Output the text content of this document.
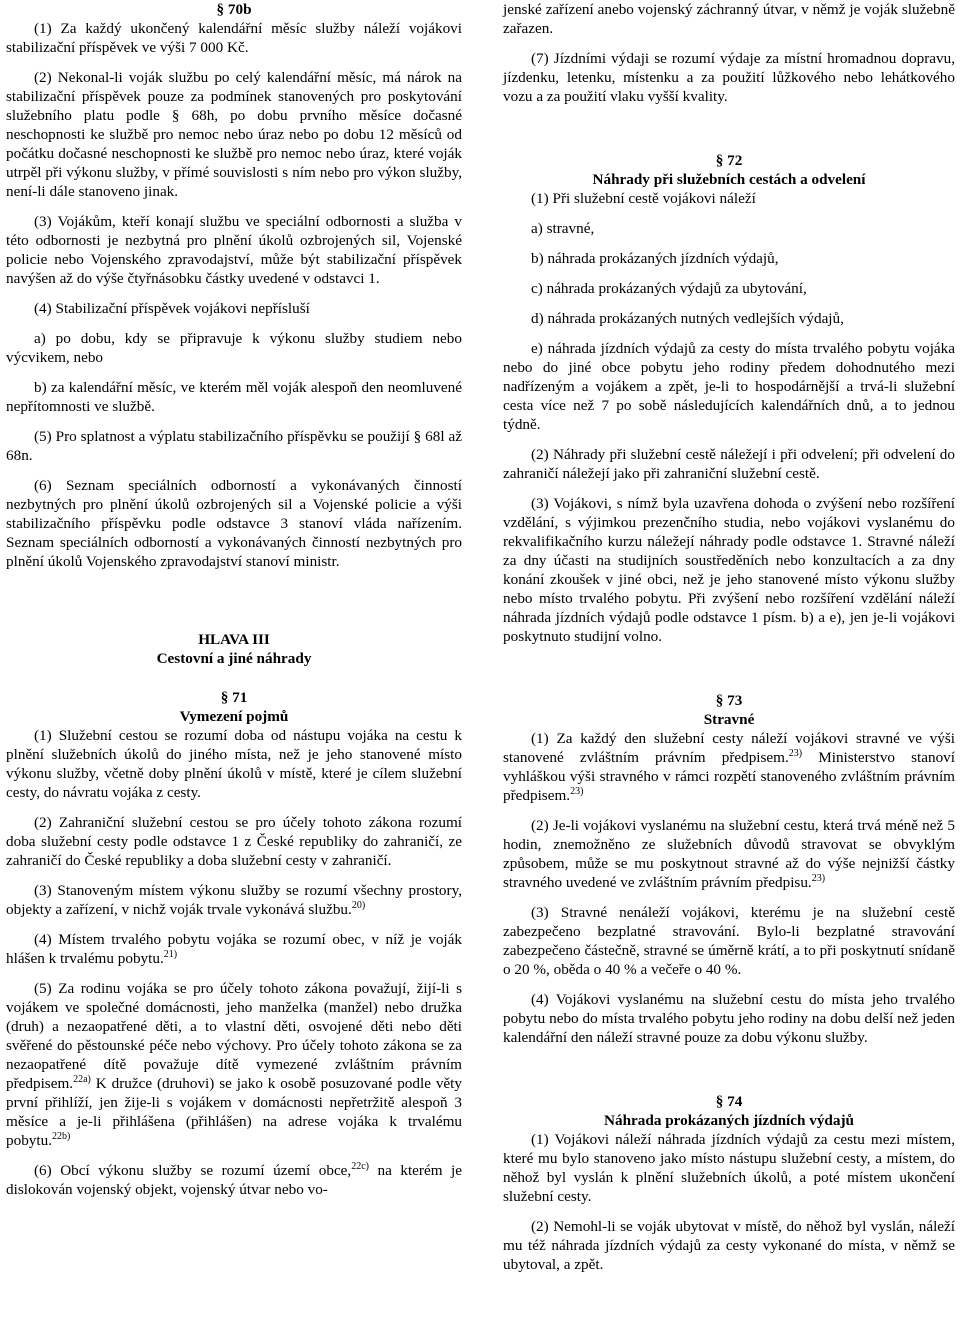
§ 70b

(1) Za každý ukončený kalendářní měsíc služby náleží vojákovi stabilizační příspěvek ve výši 7 000 Kč.

(2) Nekonal-li voják službu po celý kalendářní měsíc, má nárok na stabilizační příspěvek pouze za podmínek stanovených pro poskytování služebního platu podle § 68h, po dobu prvního měsíce dočasné neschopnosti ke službě pro nemoc nebo úraz nebo po dobu 12 měsíců od počátku dočasné neschopnosti ke službě pro nemoc nebo úraz, které voják utrpěl při výkonu služby, v přímé souvislosti s ním nebo pro výkon služby, není-li dále stanoveno jinak.

(3) Vojákům, kteří konají službu ve speciální odbornosti a služba v této odbornosti je nezbytná pro plnění úkolů ozbrojených sil, Vojenské policie nebo Vojenského zpravodajství, může být stabilizační příspěvek navýšen až do výše čtyřnásobku částky uvedené v odstavci 1.

(4) Stabilizační příspěvek vojákovi nepřísluší

a) po dobu, kdy se připravuje k výkonu služby studiem nebo výcvikem, nebo

b) za kalendářní měsíc, ve kterém měl voják alespoň den neomluvené nepřítomnosti ve službě.

(5) Pro splatnost a výplatu stabilizačního příspěvku se použijí § 68l až 68n.

(6) Seznam speciálních odborností a vykonávaných činností nezbytných pro plnění úkolů ozbrojených sil a Vojenské policie a výši stabilizačního příspěvku podle odstavce 3 stanoví vláda nařízením. Seznam speciálních odborností a vykonávaných činností nezbytných pro plnění úkolů Vojenského zpravodajství stanoví ministr.

HLAVA III

Cestovní a jiné náhrady

§ 71

Vymezení pojmů

(1) Služební cestou se rozumí doba od nástupu vojáka na cestu k plnění služebních úkolů do jiného místa, než je jeho stanovené místo výkonu služby, včetně doby plnění úkolů v místě, které je cílem služební cesty, do návratu vojáka z cesty.

(2) Zahraniční služební cestou se pro účely tohoto zákona rozumí doba služební cesty podle odstavce 1 z České republiky do zahraničí, ze zahraničí do České republiky a doba služební cesty v zahraničí.

(3) Stanoveným místem výkonu služby se rozumí všechny prostory, objekty a zařízení, v nichž voják trvale vykonává službu.$^{20)}$

(4) Místem trvalého pobytu vojáka se rozumí obec, v níž je voják hlášen k trvalému pobytu.$^{21)}$

(5) Za rodinu vojáka se pro účely tohoto zákona považují, žijí-li s vojákem ve společné domácnosti, jeho manželka (manžel) nebo družka (druh) a nezaopatřené děti, a to vlastní děti, osvojené děti nebo děti svěřené do pěstounské péče nebo výchovy. Pro účely tohoto zákona se za nezaopatřené dítě považuje dítě vymezené zvláštním právním předpisem.$^{22a)}$ K družce (druhovi) se jako k osobě posuzované podle věty první přihlíží, jen žije-li s vojákem v domácnosti nepřetržitě alespoň 3 měsíce a je-li přihlášena (přihlášen) na adrese vojáka k trvalému pobytu.$^{22b)}$

(6) Obcí výkonu služby se rozumí území obce,$^{22c)}$ na kterém je dislokován vojenský objekt, vojenský útvar nebo vo-

jenské zařízení anebo vojenský záchranný útvar, v němž je voják služebně zařazen.

(7) Jízdními výdaji se rozumí výdaje za místní hromadnou dopravu, jízdenku, letenku, místenku a za použití lůžkového nebo lehátkového vozu a za použití vlaku vyšší kvality.

§ 72

Náhrady při služebních cestách a odvelení

(1) Při služební cestě vojákovi náleží

a) stravné,

b) náhrada prokázaných jízdních výdajů,

c) náhrada prokázaných výdajů za ubytování,

d) náhrada prokázaných nutných vedlejších výdajů,

e) náhrada jízdních výdajů za cesty do místa trvalého pobytu vojáka nebo do jiné obce pobytu jeho rodiny předem dohodnutého mezi nadřízeným a vojákem a zpět, je-li to hospodárnější a trvá-li služební cesta více než 7 po sobě následujících kalendářních dnů, a to jednou týdně.

(2) Náhrady při služební cestě náležejí i při odvelení; při odvelení do zahraničí náležejí jako při zahraniční služební cestě.

(3) Vojákovi, s nímž byla uzavřena dohoda o zvýšení nebo rozšíření vzdělání, s výjimkou prezenčního studia, nebo vojákovi vyslanému do rekvalifikačního kurzu náležejí náhrady podle odstavce 1. Stravné náleží za dny účasti na studijních soustředěních nebo konzultacích a za dny konání zkoušek v jiné obci, než je jeho stanovené místo výkonu služby nebo místo trvalého pobytu. Při zvýšení nebo rozšíření vzdělání náleží náhrada jízdních výdajů podle odstavce 1 písm. b) a e), jen je-li vojákovi poskytnuto studijní volno.

§ 73

Stravné

(1) Za každý den služební cesty náleží vojákovi stravné ve výši stanovené zvláštním právním předpisem.$^{23)}$ Ministerstvo stanoví vyhláškou výši stravného v rámci rozpětí stanoveného zvláštním právním předpisem.$^{23)}$

(2) Je-li vojákovi vyslanému na služební cestu, která trvá méně než 5 hodin, znemožněno ze služebních důvodů stravovat se obvyklým způsobem, může se mu poskytnout stravné až do výše nejnižší částky stravného uvedené ve zvláštním právním předpisu.$^{23)}$

(3) Stravné nenáleží vojákovi, kterému je na služební cestě zabezpečeno bezplatné stravování. Bylo-li bezplatné stravování zabezpečeno částečně, stravné se úměrně krátí, a to při poskytnutí snídaně o 20 %, oběda o 40 % a večeře o 40 %.

(4) Vojákovi vyslanému na služební cestu do místa jeho trvalého pobytu nebo do místa trvalého pobytu jeho rodiny na dobu delší než jeden kalendářní den náleží stravné pouze za dobu výkonu služby.

§ 74

Náhrada prokázaných jízdních výdajů

(1) Vojákovi náleží náhrada jízdních výdajů za cestu mezi místem, které mu bylo stanoveno jako místo nástupu služební cesty, a místem, do něhož byl vyslán k plnění služebních úkolů, a poté místem ukončení služební cesty.

(2) Nemohl-li se voják ubytovat v místě, do něhož byl vyslán, náleží mu též náhrada jízdních výdajů za cesty vykonané do místa, v němž se ubytoval, a zpět.
